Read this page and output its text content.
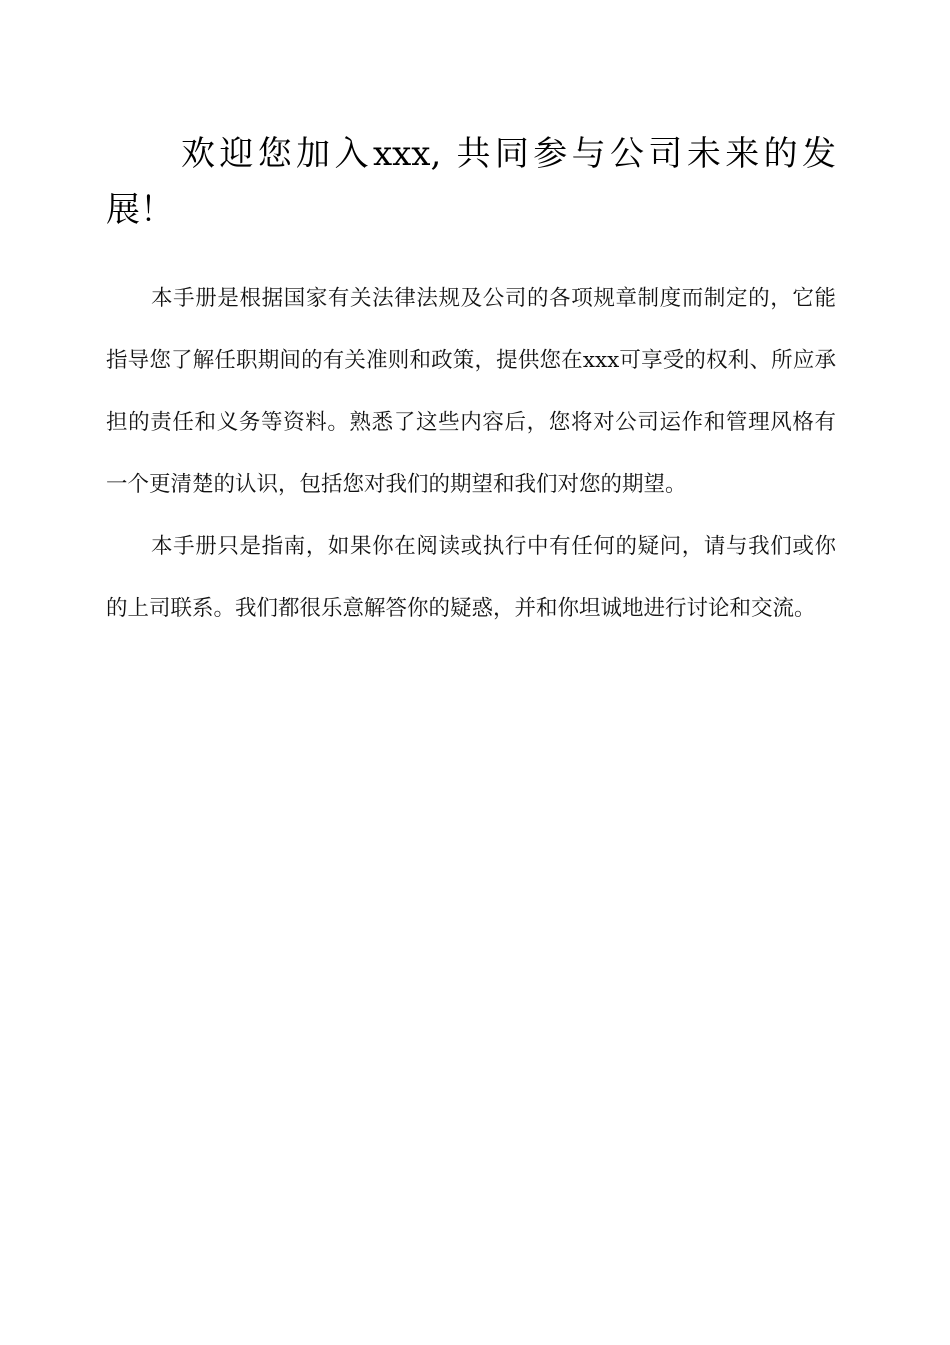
欢迎您加入xxx, 共同参与公司未来的发展！

本手册是根据国家有关法律法规及公司的各项规章制度而制定的，它能指导您了解任职期间的有关准则和政策，提供您在xxx可享受的权利、所应承担的责任和义务等资料。熟悉了这些内容后，您将对公司运作和管理风格有一个更清楚的认识，包括您对我们的期望和我们对您的期望。

本手册只是指南，如果你在阅读或执行中有任何的疑问，请与我们或你的上司联系。我们都很乐意解答你的疑惑，并和你坦诚地进行讨论和交流。
